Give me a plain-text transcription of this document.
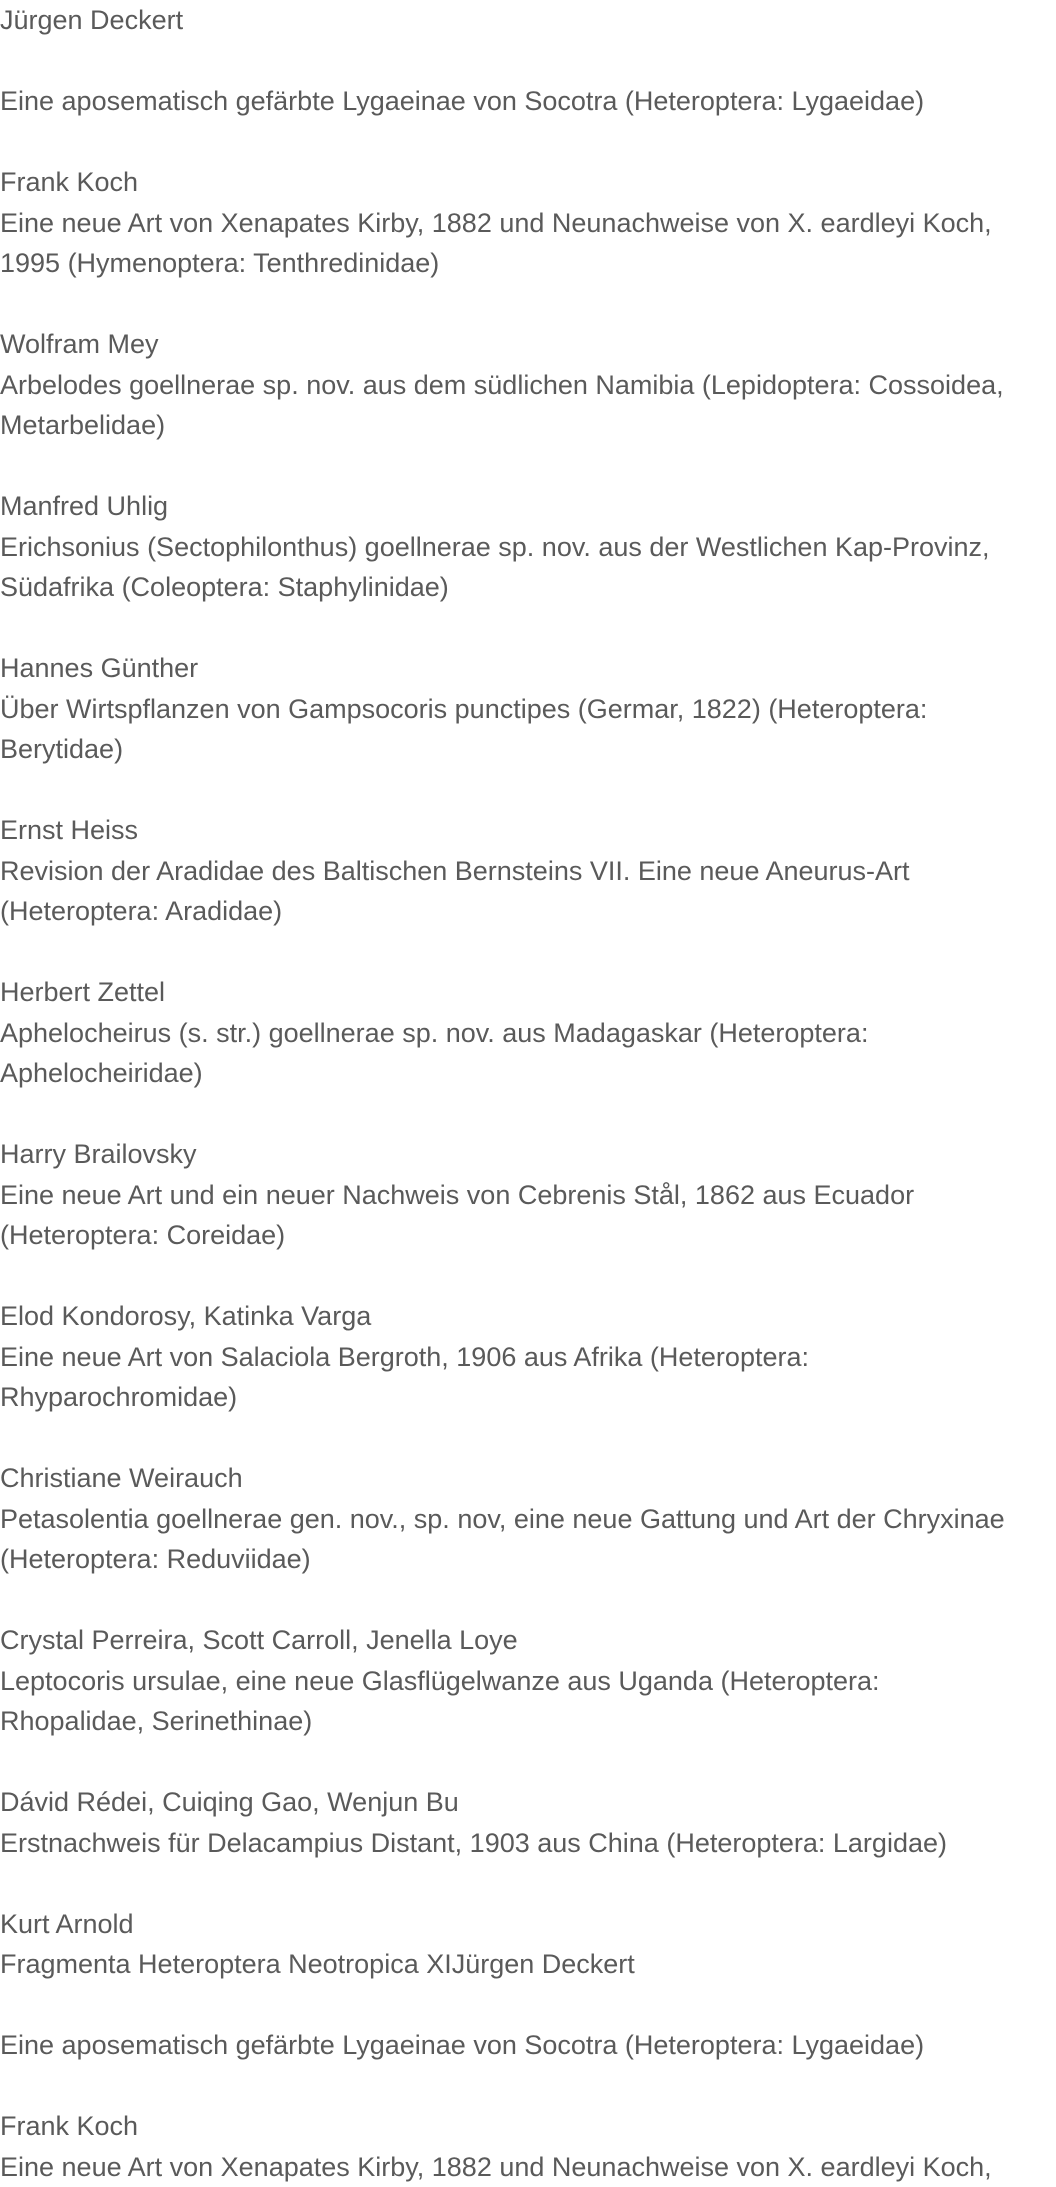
Jürgen Deckert
Eine aposematisch gefärbte Lygaeinae von Socotra (Heteroptera: Lygaeidae)
Frank Koch
Eine neue Art von Xenapates Kirby, 1882 und Neunachweise von X. eardleyi Koch,
1995 (Hymenoptera: Tenthredinidae)
Wolfram Mey
Arbelodes goellnerae sp. nov. aus dem südlichen Namibia (Lepidoptera: Cossoidea,
Metarbelidae)
Manfred Uhlig
Erichsonius (Sectophilonthus) goellnerae sp. nov. aus der Westlichen Kap-Provinz,
Südafrika (Coleoptera: Staphylinidae)
Hannes Günther
Über Wirtspflanzen von Gampsocoris punctipes (Germar, 1822) (Heteroptera:
Berytidae)
Ernst Heiss
Revision der Aradidae des Baltischen Bernsteins VII. Eine neue Aneurus-Art
(Heteroptera: Aradidae)
Herbert Zettel
Aphelocheirus (s. str.) goellnerae sp. nov. aus Madagaskar (Heteroptera:
Aphelocheiridae)
Harry Brailovsky
Eine neue Art und ein neuer Nachweis von Cebrenis Stål, 1862 aus Ecuador
(Heteroptera: Coreidae)
Elod Kondorosy, Katinka Varga
Eine neue Art von Salaciola Bergroth, 1906 aus Afrika (Heteroptera:
Rhyparochromidae)
Christiane Weirauch
Petasolentia goellnerae gen. nov., sp. nov, eine neue Gattung und Art der Chryxinae
(Heteroptera: Reduviidae)
Crystal Perreira, Scott Carroll, Jenella Loye
Leptocoris ursulae, eine neue Glasflügelwanze aus Uganda (Heteroptera:
Rhopalidae, Serinethinae)
Dávid Rédei, Cuiqing Gao, Wenjun Bu
Erstnachweis für Delacampius Distant, 1903 aus China (Heteroptera: Largidae)
Kurt Arnold
Fragmenta Heteroptera Neotropica XIJürgen Deckert
Eine aposematisch gefärbte Lygaeinae von Socotra (Heteroptera: Lygaeidae)
Frank Koch
Eine neue Art von Xenapates Kirby, 1882 und Neunachweise von X. eardleyi Koch,
